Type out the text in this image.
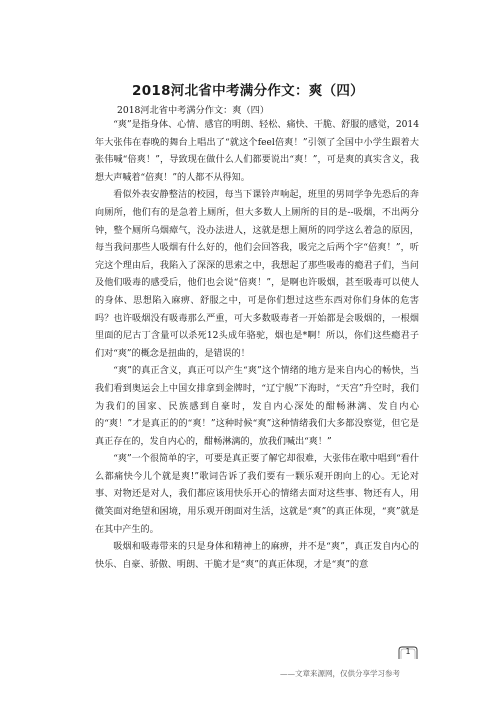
2018河北省中考满分作文：爽（四）
2018河北省中考满分作文：爽（四）

“爽”是指身体、心情、感官的明朗、轻松、痛快、干脆、舒服的感觉，2014年大张伟在春晚的舞台上唱出了“就这个feel倍爽！”引领了全国中小学生跟着大张伟喊“倍爽！”，导致现在做什么人们都要说出“爽！”，可是爽的真实含义，我想大声喊着“倍爽！”的人都不从得知。

看似外表安静整洁的校园，每当下课铃声响起，班里的男同学争先恐后的奔向厕所，他们有的是急着上厕所，但大多数人上厕所的目的是--吸烟，不出两分钟，整个厕所乌烟瘴气，没办法进人，这就是想上厕所的同学这么着急的原因，每当我问那些人吸烟有什么好的，他们会回答我，吸完之后两个字“倍爽！”，听完这个理由后，我陷入了深深的思索之中，我想起了那些吸毒的瘾君子们，当问及他们吸毒的感受后，他们也会说“倍爽！”，是啊也许吸烟，甚至吸毒可以使人的身体、思想陷入麻痹、舒服之中，可是你们想过这些东西对你们身体的危害吗？也许吸烟没有吸毒那么严重，可大多数吸毒者一开始都是会吸烟的，一根烟里面的尼古丁含量可以杀死12头成年骆驼，烟也是*啊！所以，你们这些瘾君子们对“爽”的概念是扭曲的，是错误的！

“爽”的真正含义，真正可以产生“爽”这个情绪的地方是来自内心的畅快，当我们看到奥运会上中国女排拿到金牌时，“辽宁舰”下海时，“天宫”升空时，我们为我们的国家、民族感到自豪时，发自内心深处的酣畅淋漓、发自内心的“爽！”才是真正的的“爽！”这种时候“爽”这种情绪我们大多都没察觉，但它是真正存在的，发自内心的，酣畅淋漓的，放我们喊出“爽！”

“爽”一个很简单的字，可要是真正要了解它却很难，大张伟在歌中唱到“看什么都痛快今儿个就是爽!”歌词告诉了我们要有一颗乐观开朗向上的心。无论对事、对物还是对人，我们都应该用快乐开心的情绪去面对这些事、物还有人，用微笑面对绝望和困境，用乐观开朗面对生活，这就是“爽”的真正体现，“爽”就是在其中产生的。

吸烟和吸毒带来的只是身体和精神上的麻痹，并不是“爽”，真正发自内心的快乐、自豪、骄傲、明朗、干脆才是“爽”的真正体现，才是“爽”的意

1
——文章来源网，仅供分享学习参考
